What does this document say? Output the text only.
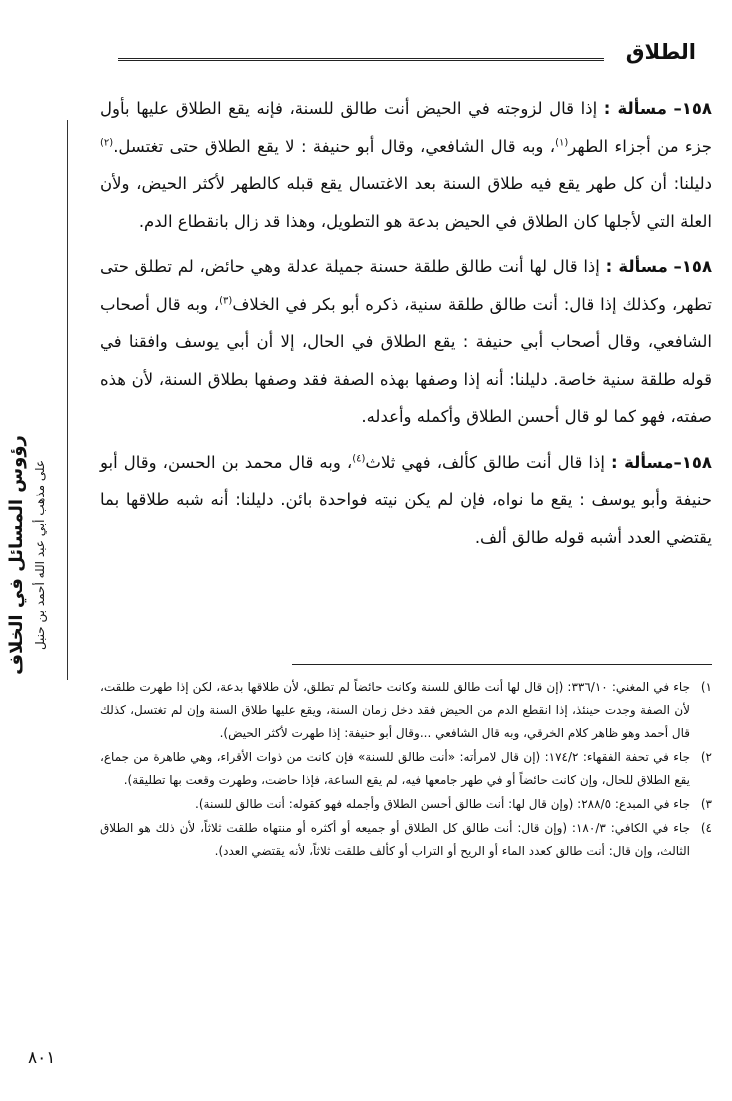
الطلاق
رؤوس المسائل في الخلاف على مذهب أبي عبد الله أحمد بن حنبل

١٥٨– مسألة : إذا قال لزوجته في الحيض أنت طالق للسنة، فإنه يقع الطلاق عليها بأول جزء من أجزاء الطهر$^{(١)}$، وبه قال الشافعي، وقال أبو حنيفة : لا يقع الطلاق حتى تغتسل.$^{(٢)}$ دليلنا: أن كل طهر يقع فيه طلاق السنة بعد الاغتسال يقع قبله كالطهر لأكثر الحيض، ولأن العلة التي لأجلها كان الطلاق في الحيض بدعة هو التطويل، وهذا قد زال بانقطاع الدم.

١٥٨– مسألة : إذا قال لها أنت طالق طلقة حسنة جميلة عدلة وهي حائض، لم تطلق حتى تطهر، وكذلك إذا قال: أنت طالق طلقة سنية، ذكره أبو بكر في الخلاف$^{(٣)}$، وبه قال أصحاب الشافعي، وقال أصحاب أبي حنيفة : يقع الطلاق في الحال، إلا أن أبي يوسف وافقنا في قوله طلقة سنية خاصة. دليلنا: أنه إذا وصفها بهذه الصفة فقد وصفها بطلاق السنة، لأن هذه صفته، فهو كما لو قال أحسن الطلاق وأكمله وأعدله.

١٥٨–مسألة : إذا قال أنت طالق كألف، فهي ثلاث$^{(٤)}$، وبه قال محمد بن الحسن، وقال أبو حنيفة وأبو يوسف : يقع ما نواه، فإن لم يكن نيته فواحدة بائن. دليلنا: أنه شبه طلاقها بما يقتضي العدد أشبه قوله طالق ألف.

١)
جاء في المغني: ٣٣٦/١٠: (إن قال لها أنت طالق للسنة وكانت حائضاً لم تطلق، لأن طلاقها بدعة، لكن إذا طهرت طلقت، لأن الصفة وجدت حينئذ، إذا انقطع الدم من الحيض فقد دخل زمان السنة، ويقع عليها طلاق السنة وإن لم تغتسل، كذلك قال أحمد وهو ظاهر كلام الخرقي، وبه قال الشافعي ...وقال أبو حنيفة: إذا طهرت لأكثر الحيض).

٢)
جاء في تحفة الفقهاء: ١٧٤/٢: (إن قال لامرأته: «أنت طالق للسنة» فإن كانت من ذوات الأقراء، وهي طاهرة من جماع، يقع الطلاق للحال، وإن كانت حائضاً أو في طهر جامعها فيه، لم يقع الساعة، فإذا حاضت، وطهرت وقعت بها تطليقة).

٣)
جاء في المبدع: ٢٨٨/٥: (وإن قال لها: أنت طالق أحسن الطلاق وأجمله فهو كقوله: أنت طالق للسنة).

٤)
جاء في الكافي: ١٨٠/٣: (وإن قال: أنت طالق كل الطلاق أو جميعه أو أكثره أو منتهاه طلقت ثلاثاً، لأن ذلك هو الطلاق الثالث، وإن قال: أنت طالق كعدد الماء أو الريح أو التراب أو كألف طلقت ثلاثاً، لأنه يقتضي العدد).

٨٠١
